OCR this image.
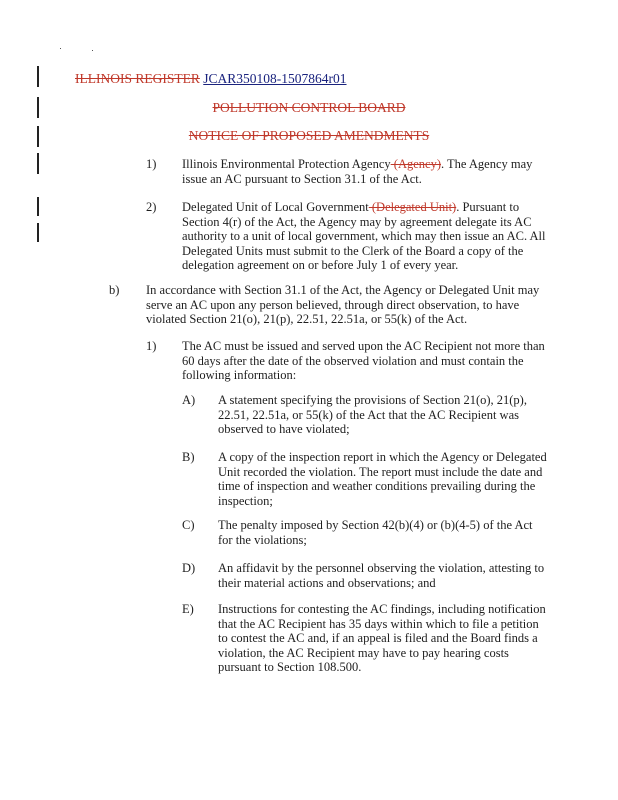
ILLINOIS REGISTER JCAR350108-1507864r01
POLLUTION CONTROL BOARD
NOTICE OF PROPOSED AMENDMENTS
1) Illinois Environmental Protection Agency (Agency). The Agency may issue an AC pursuant to Section 31.1 of the Act.
2) Delegated Unit of Local Government (Delegated Unit). Pursuant to Section 4(r) of the Act, the Agency may by agreement delegate its AC authority to a unit of local government, which may then issue an AC. All Delegated Units must submit to the Clerk of the Board a copy of the delegation agreement on or before July 1 of every year.
b) In accordance with Section 31.1 of the Act, the Agency or Delegated Unit may serve an AC upon any person believed, through direct observation, to have violated Section 21(o), 21(p), 22.51, 22.51a, or 55(k) of the Act.
1) The AC must be issued and served upon the AC Recipient not more than 60 days after the date of the observed violation and must contain the following information:
A) A statement specifying the provisions of Section 21(o), 21(p), 22.51, 22.51a, or 55(k) of the Act that the AC Recipient was observed to have violated;
B) A copy of the inspection report in which the Agency or Delegated Unit recorded the violation. The report must include the date and time of inspection and weather conditions prevailing during the inspection;
C) The penalty imposed by Section 42(b)(4) or (b)(4-5) of the Act for the violations;
D) An affidavit by the personnel observing the violation, attesting to their material actions and observations; and
E) Instructions for contesting the AC findings, including notification that the AC Recipient has 35 days within which to file a petition to contest the AC and, if an appeal is filed and the Board finds a violation, the AC Recipient may have to pay hearing costs pursuant to Section 108.500.
